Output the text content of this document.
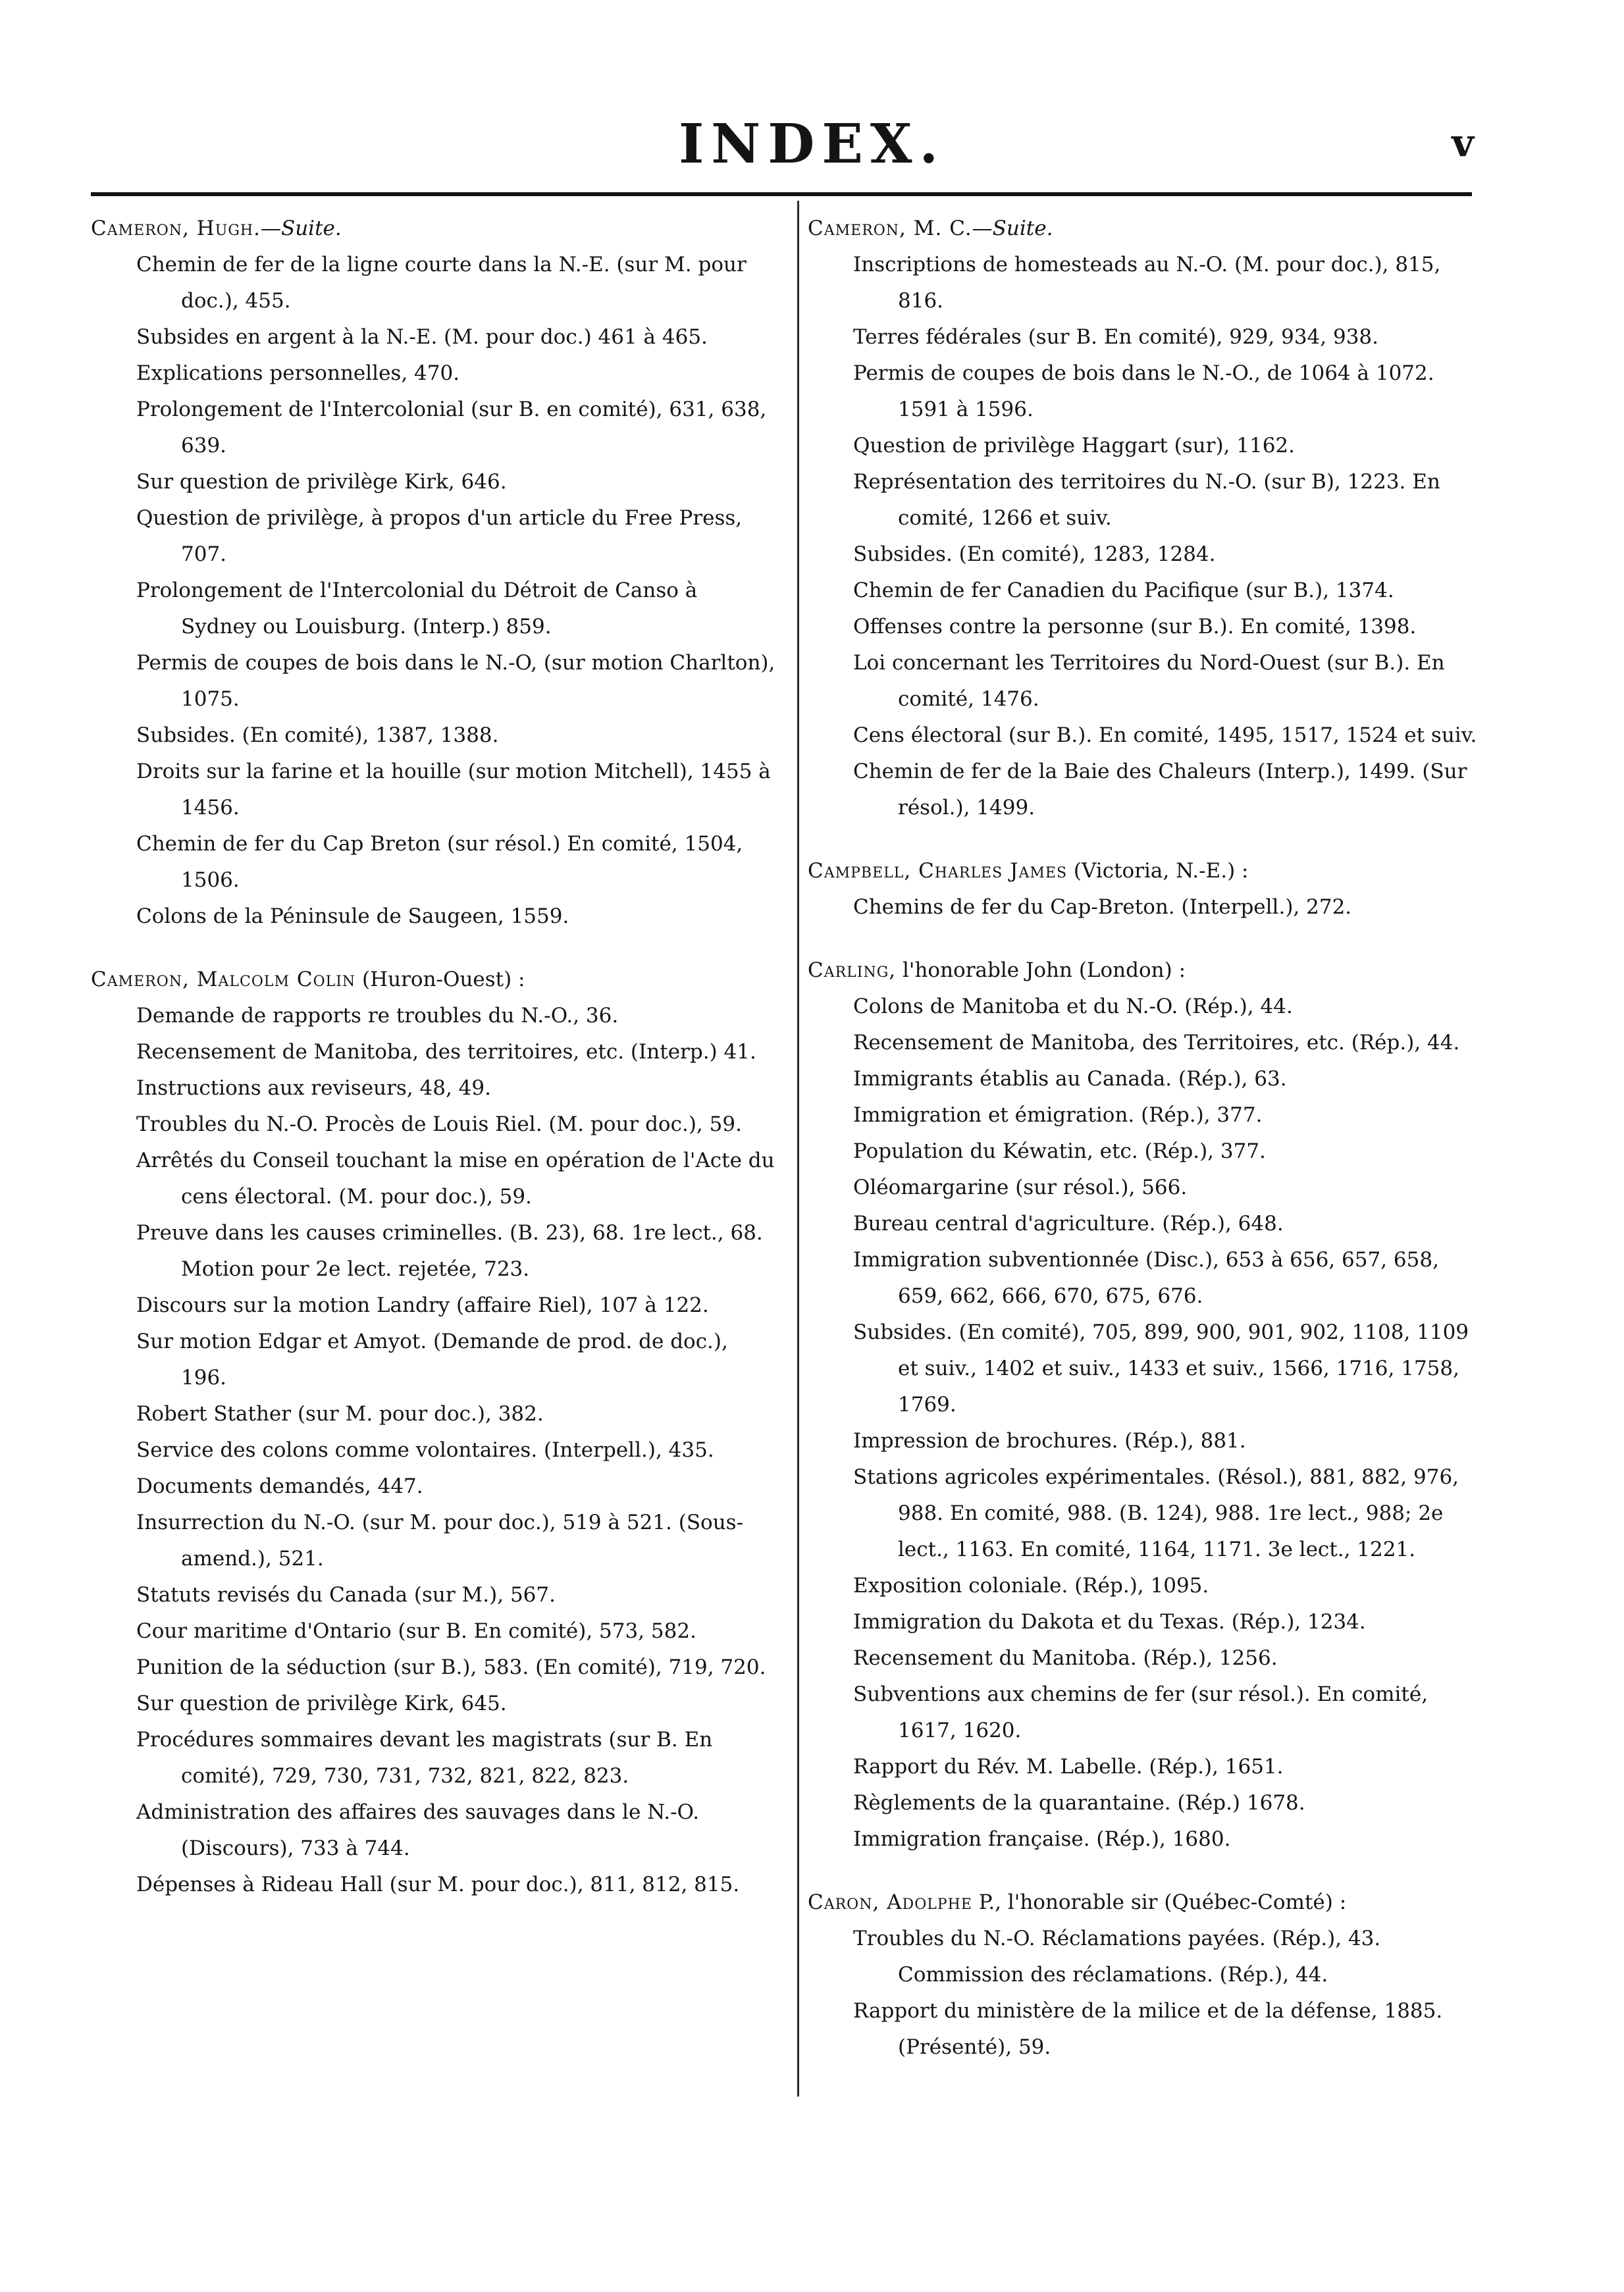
INDEX.	v
Cameron, Hugh.—Suite.
Chemin de fer de la ligne courte dans la N.-E. (sur M. pour doc.), 455.
Subsides en argent à la N.-E. (M. pour doc.) 461 à 465.
Explications personnelles, 470.
Prolongement de l'Intercolonial (sur B. en comité), 631, 638, 639.
Sur question de privilège Kirk, 646.
Question de privilège, à propos d'un article du Free Press, 707.
Prolongement de l'Intercolonial du Détroit de Canso à Sydney ou Louisburg. (Interp.) 859.
Permis de coupes de bois dans le N.-O, (sur motion Charlton), 1075.
Subsides. (En comité), 1387, 1388.
Droits sur la farine et la houille (sur motion Mitchell), 1455 à 1456.
Chemin de fer du Cap Breton (sur résol.) En comité, 1504, 1506.
Colons de la Péninsule de Saugeen, 1559.
Cameron, Malcolm Colin (Huron-Ouest) :
Demande de rapports re troubles du N.-O., 36.
Recensement de Manitoba, des territoires, etc. (Interp.) 41.
Instructions aux reviseurs, 48, 49.
Troubles du N.-O. Procès de Louis Riel. (M. pour doc.), 59.
Arrêtés du Conseil touchant la mise en opération de l'Acte du cens électoral. (M. pour doc.), 59.
Preuve dans les causes criminelles. (B. 23), 68. 1re lect., 68. Motion pour 2e lect. rejetée, 723.
Discours sur la motion Landry (affaire Riel), 107 à 122.
Sur motion Edgar et Amyot. (Demande de prod. de doc.), 196.
Robert Stather (sur M. pour doc.), 382.
Service des colons comme volontaires. (Interpell.), 435.
Documents demandés, 447.
Insurrection du N.-O. (sur M. pour doc.), 519 à 521. (Sous-amend.), 521.
Statuts revisés du Canada (sur M.), 567.
Cour maritime d'Ontario (sur B. En comité), 573, 582.
Punition de la séduction (sur B.), 583. (En comité), 719, 720.
Sur question de privilège Kirk, 645.
Procédures sommaires devant les magistrats (sur B. En comité), 729, 730, 731, 732, 821, 822, 823.
Administration des affaires des sauvages dans le N.-O. (Discours), 733 à 744.
Dépenses à Rideau Hall (sur M. pour doc.), 811, 812, 815.
Cameron, M. C.—Suite.
Inscriptions de homesteads au N.-O. (M. pour doc.), 815, 816.
Terres fédérales (sur B. En comité), 929, 934, 938.
Permis de coupes de bois dans le N.-O., de 1064 à 1072. 1591 à 1596.
Question de privilège Haggart (sur), 1162.
Représentation des territoires du N.-O. (sur B), 1223. En comité, 1266 et suiv.
Subsides. (En comité), 1283, 1284.
Chemin de fer Canadien du Pacifique (sur B.), 1374.
Offenses contre la personne (sur B.). En comité, 1398.
Loi concernant les Territoires du Nord-Ouest (sur B.). En comité, 1476.
Cens électoral (sur B.). En comité, 1495, 1517, 1524 et suiv.
Chemin de fer de la Baie des Chaleurs (Interp.), 1499. (Sur résol.), 1499.
Campbell, Charles James (Victoria, N.-E.) :
Chemins de fer du Cap-Breton. (Interpell.), 272.
Carling, l'honorable John (London) :
Colons de Manitoba et du N.-O. (Rép.), 44.
Recensement de Manitoba, des Territoires, etc. (Rép.), 44.
Immigrants établis au Canada. (Rép.), 63.
Immigration et émigration. (Rép.), 377.
Population du Kéwatin, etc. (Rép.), 377.
Oléomargarine (sur résol.), 566.
Bureau central d'agriculture. (Rép.), 648.
Immigration subventionnée (Disc.), 653 à 656, 657, 658, 659, 662, 666, 670, 675, 676.
Subsides. (En comité), 705, 899, 900, 901, 902, 1108, 1109 et suiv., 1402 et suiv., 1433 et suiv., 1566, 1716, 1758, 1769.
Impression de brochures. (Rép.), 881.
Stations agricoles expérimentales. (Résol.), 881, 882, 976, 988. En comité, 988. (B. 124), 988. 1re lect., 988; 2e lect., 1163. En comité, 1164, 1171. 3e lect., 1221.
Exposition coloniale. (Rép.), 1095.
Immigration du Dakota et du Texas. (Rép.), 1234.
Recensement du Manitoba. (Rép.), 1256.
Subventions aux chemins de fer (sur résol.). En comité, 1617, 1620.
Rapport du Rév. M. Labelle. (Rép.), 1651.
Règlements de la quarantaine. (Rép.) 1678.
Immigration française. (Rép.), 1680.
Caron, Adolphe P., l'honorable sir (Québec-Comté) :
Troubles du N.-O. Réclamations payées. (Rép.), 43. Commission des réclamations. (Rép.), 44.
Rapport du ministère de la milice et de la défense, 1885. (Présenté), 59.
